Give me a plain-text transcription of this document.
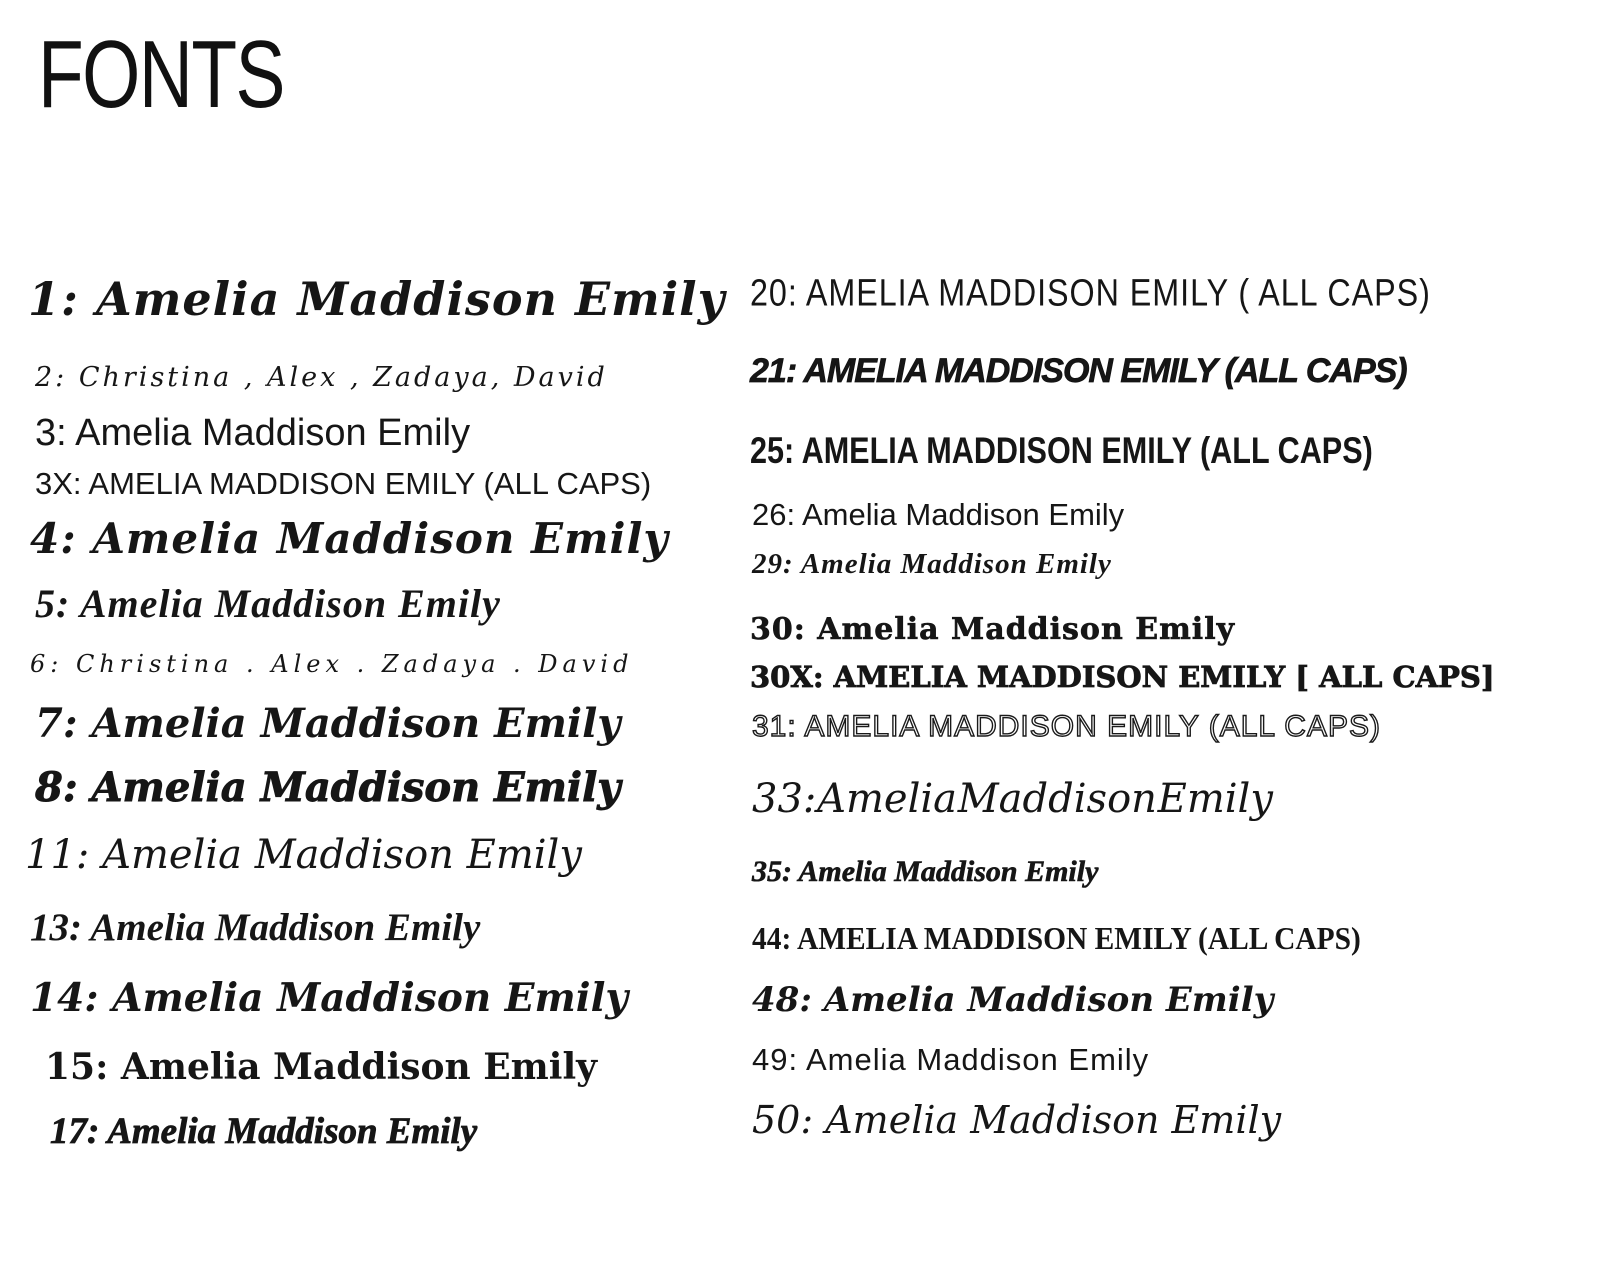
FONTS
1: Amelia Maddison Emily
2: Christina , Alex , Zadaya, David
3: Amelia Maddison Emily
3X: AMELIA MADDISON EMILY (ALL CAPS)
4: Amelia Maddison Emily
5: Amelia Maddison Emily
6: Christina . Alex . Zadaya . David
7: Amelia Maddison Emily
8: Amelia Maddison Emily
11: Amelia Maddison Emily
13: Amelia Maddison Emily
14: Amelia Maddison Emily
15: Amelia Maddison Emily
17: Amelia Maddison Emily
20: AMELIA MADDISON EMILY ( ALL CAPS)
21: AMELIA MADDISON EMILY (ALL CAPS)
25: AMELIA MADDISON EMILY (ALL CAPS)
26: Amelia Maddison Emily
29: Amelia Maddison Emily
30: Amelia Maddison Emily
30X: AMELIA MADDISON EMILY [ ALL CAPS]
31: AMELIA MADDISON EMILY (ALL CAPS)
33: Amelia Maddison Emily
35: Amelia Maddison Emily
44: AMELIA MADDISON EMILY (ALL CAPS)
48: Amelia Maddison Emily
49: Amelia Maddison Emily
50: Amelia Maddison Emily
